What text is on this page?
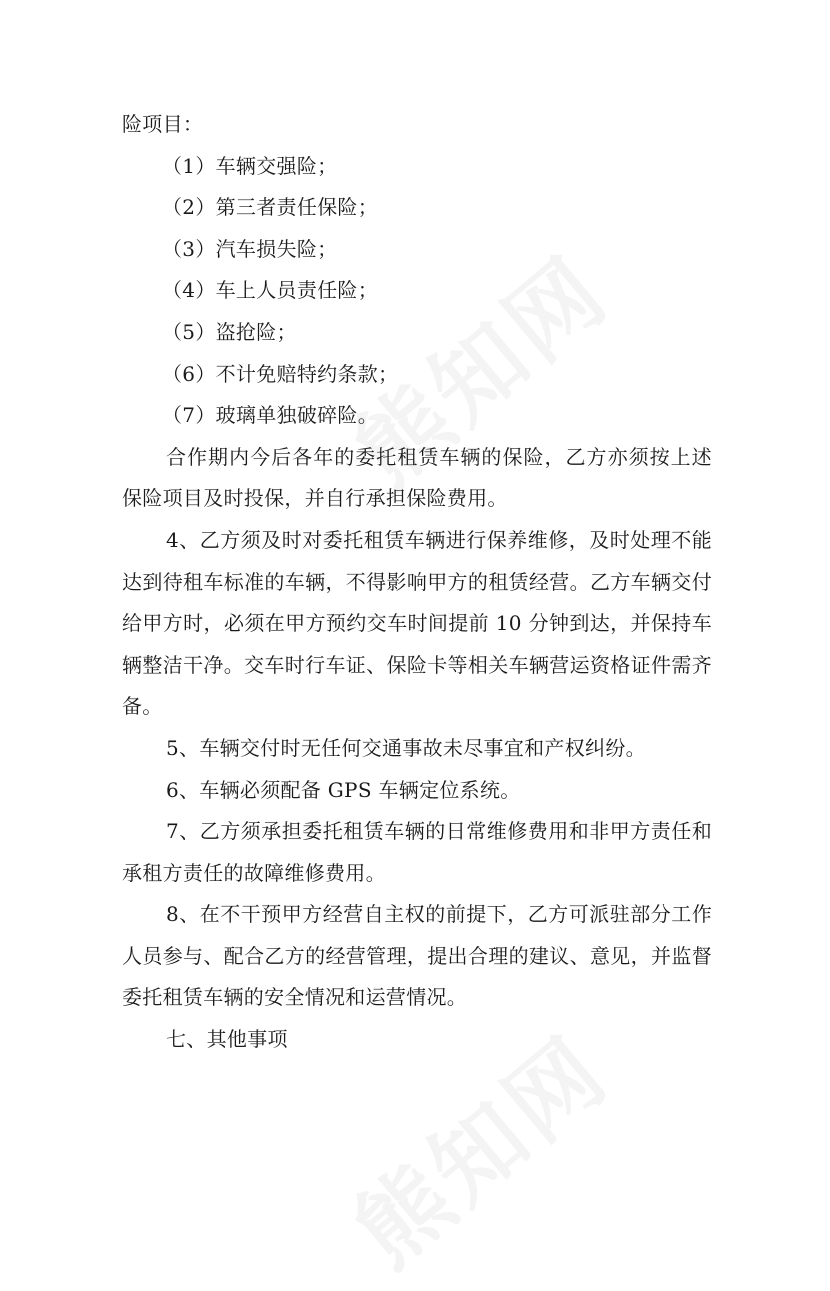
险项目：

（1）车辆交强险；

（2）第三者责任保险；

（3）汽车损失险；

（4）车上人员责任险；

（5）盗抢险；

（6）不计免赔特约条款；

（7）玻璃单独破碎险。

合作期内今后各年的委托租赁车辆的保险，乙方亦须按上述保险项目及时投保，并自行承担保险费用。

4、乙方须及时对委托租赁车辆进行保养维修，及时处理不能达到待租车标准的车辆，不得影响甲方的租赁经营。乙方车辆交付给甲方时，必须在甲方预约交车时间提前 10 分钟到达，并保持车辆整洁干净。交车时行车证、保险卡等相关车辆营运资格证件需齐备。

5、车辆交付时无任何交通事故未尽事宜和产权纠纷。

6、车辆必须配备 GPS 车辆定位系统。

7、乙方须承担委托租赁车辆的日常维修费用和非甲方责任和承租方责任的故障维修费用。

8、在不干预甲方经营自主权的前提下，乙方可派驻部分工作人员参与、配合乙方的经营管理，提出合理的建议、意见，并监督委托租赁车辆的安全情况和运营情况。

七、其他事项
